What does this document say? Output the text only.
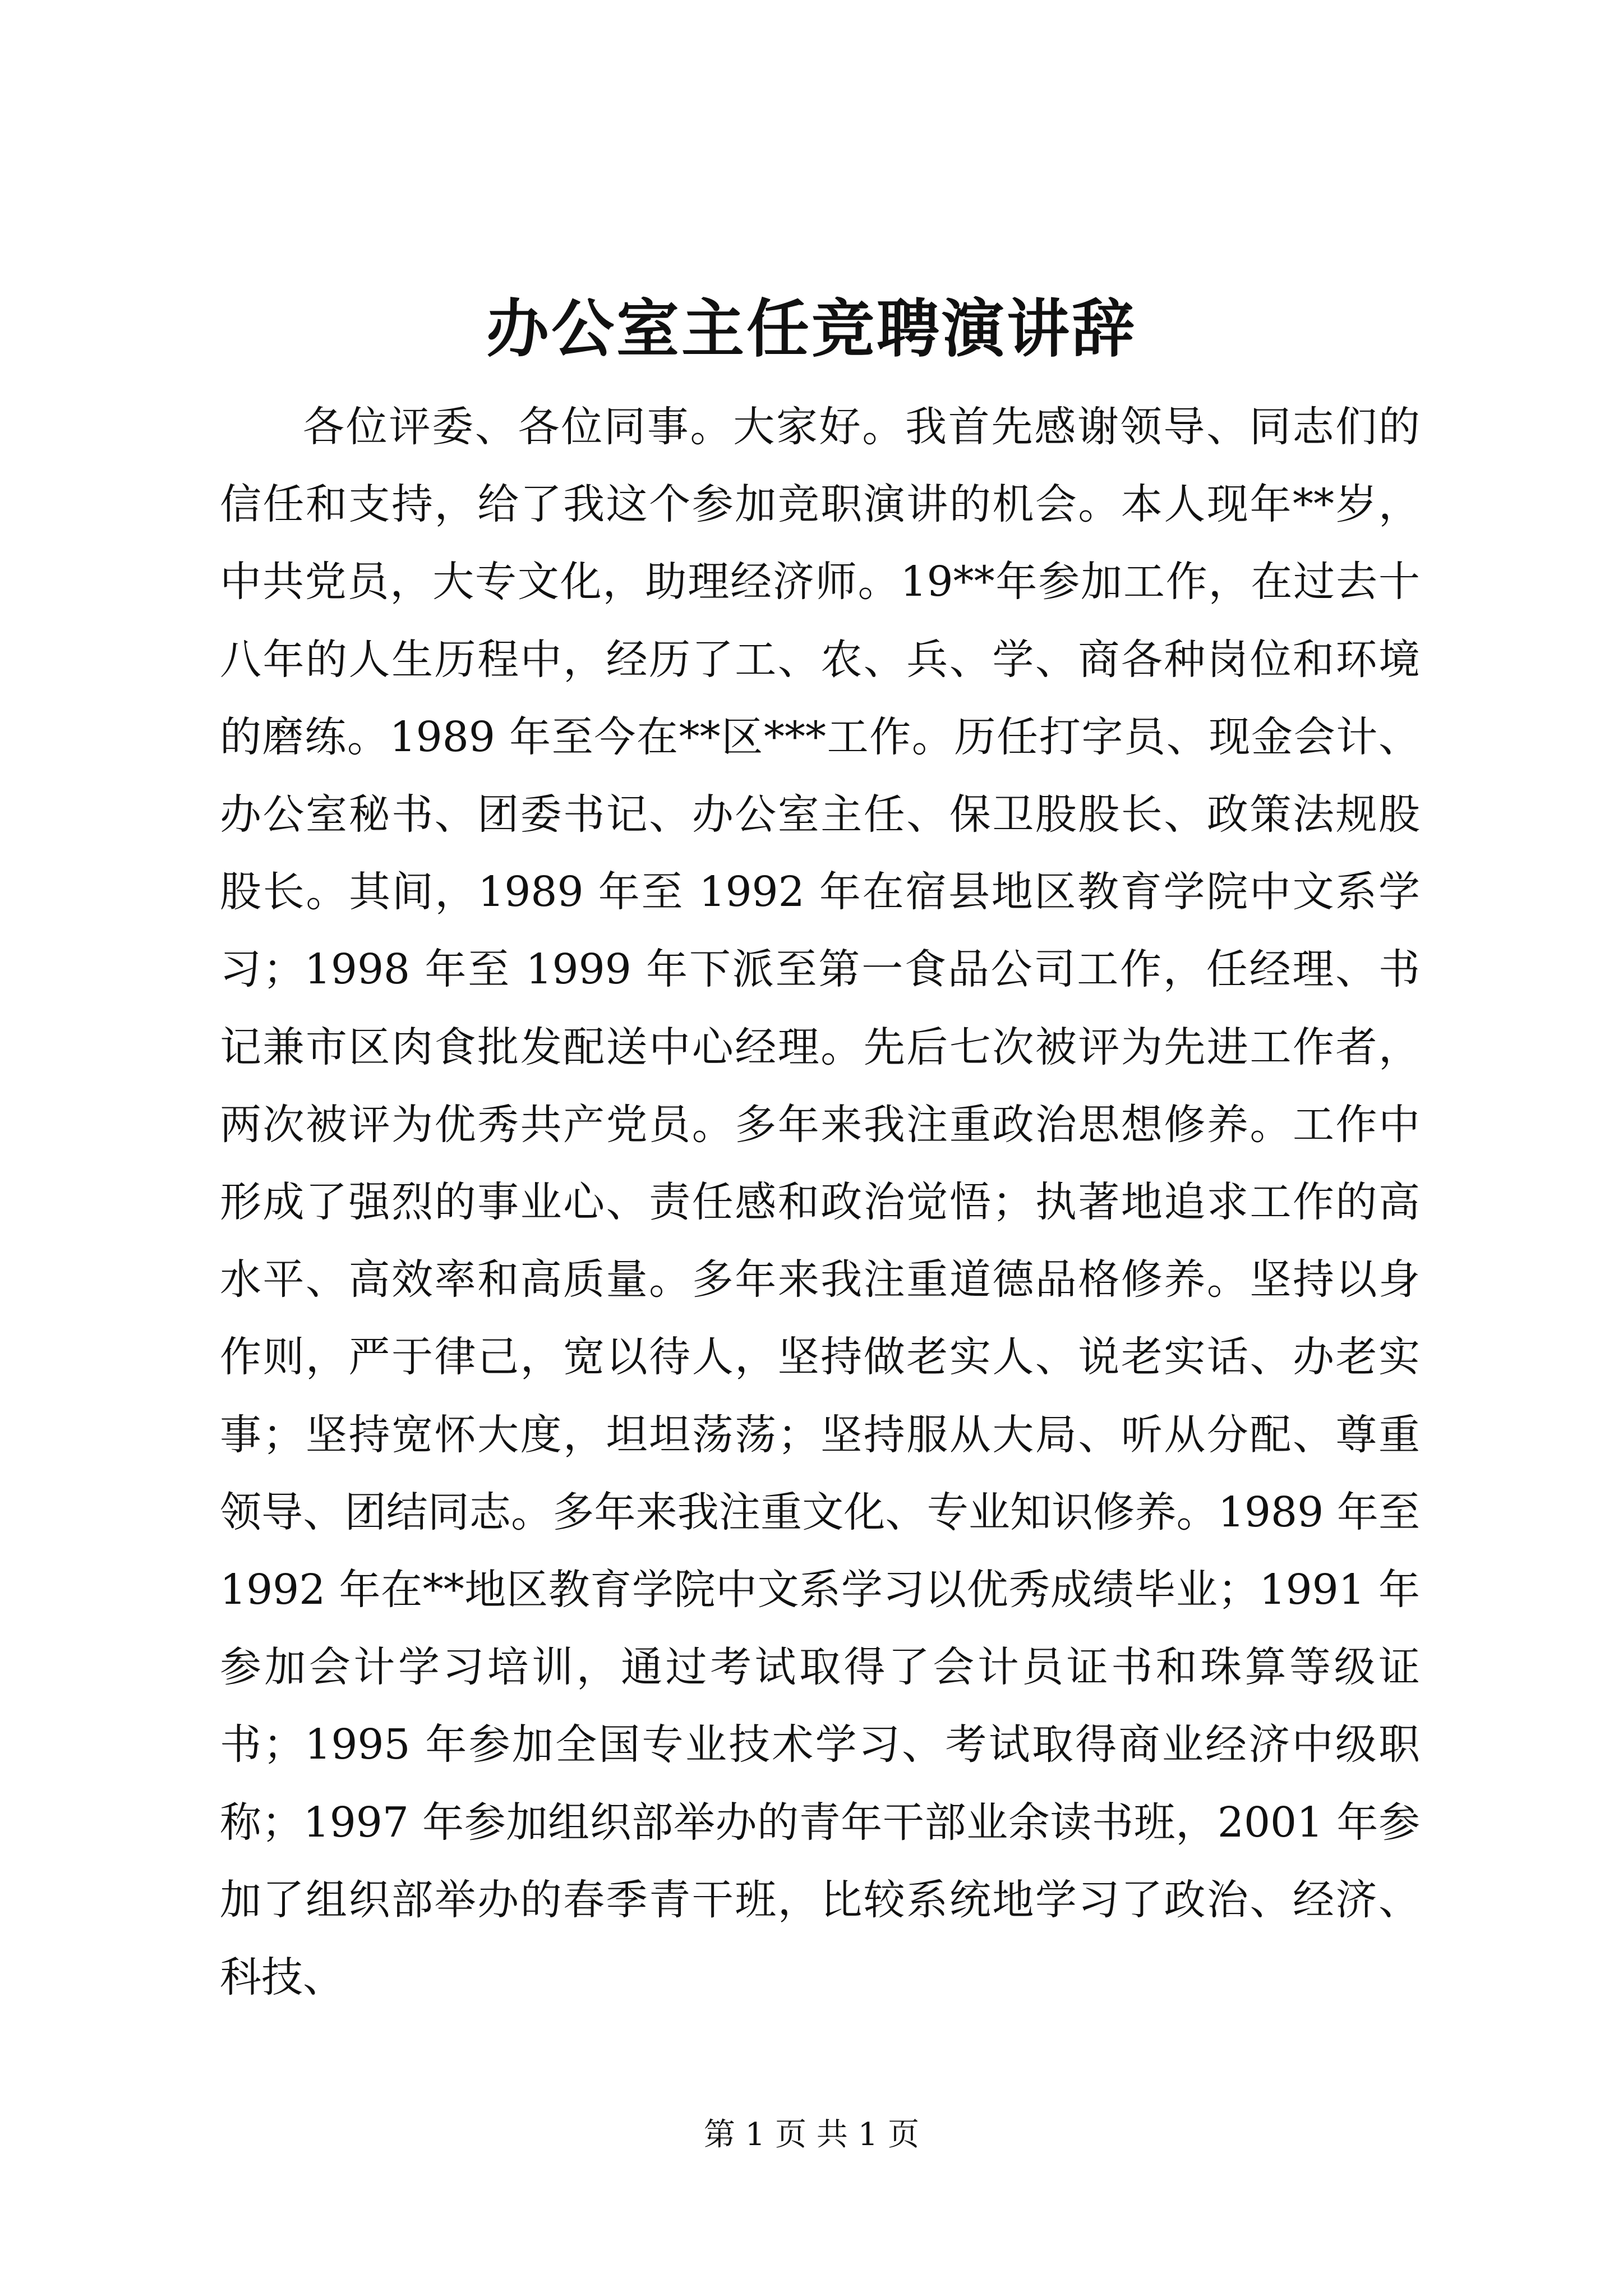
办公室主任竞聘演讲辞

各位评委、各位同事。大家好。我首先感谢领导、同志们的信任和支持，给了我这个参加竞职演讲的机会。本人现年**岁，中共党员，大专文化，助理经济师。19**年参加工作，在过去十八年的人生历程中，经历了工、农、兵、学、商各种岗位和环境的磨练。1989 年至今在**区***工作。历任打字员、现金会计、办公室秘书、团委书记、办公室主任、保卫股股长、政策法规股股长。其间，1989 年至 1992 年在宿县地区教育学院中文系学习；1998 年至 1999 年下派至第一食品公司工作，任经理、书记兼市区肉食批发配送中心经理。先后七次被评为先进工作者，两次被评为优秀共产党员。多年来我注重政治思想修养。工作中形成了强烈的事业心、责任感和政治觉悟；执著地追求工作的高水平、高效率和高质量。多年来我注重道德品格修养。坚持以身作则，严于律己，宽以待人，坚持做老实人、说老实话、办老实事；坚持宽怀大度，坦坦荡荡；坚持服从大局、听从分配、尊重领导、团结同志。多年来我注重文化、专业知识修养。1989 年至 1992 年在**地区教育学院中文系学习以优秀成绩毕业；1991 年参加会计学习培训，通过考试取得了会计员证书和珠算等级证书；1995 年参加全国专业技术学习、考试取得商业经济中级职称；1997 年参加组织部举办的青年干部业余读书班，2001 年参加了组织部举办的春季青干班，比较系统地学习了政治、经济、科技、

第 1 页 共 1 页
